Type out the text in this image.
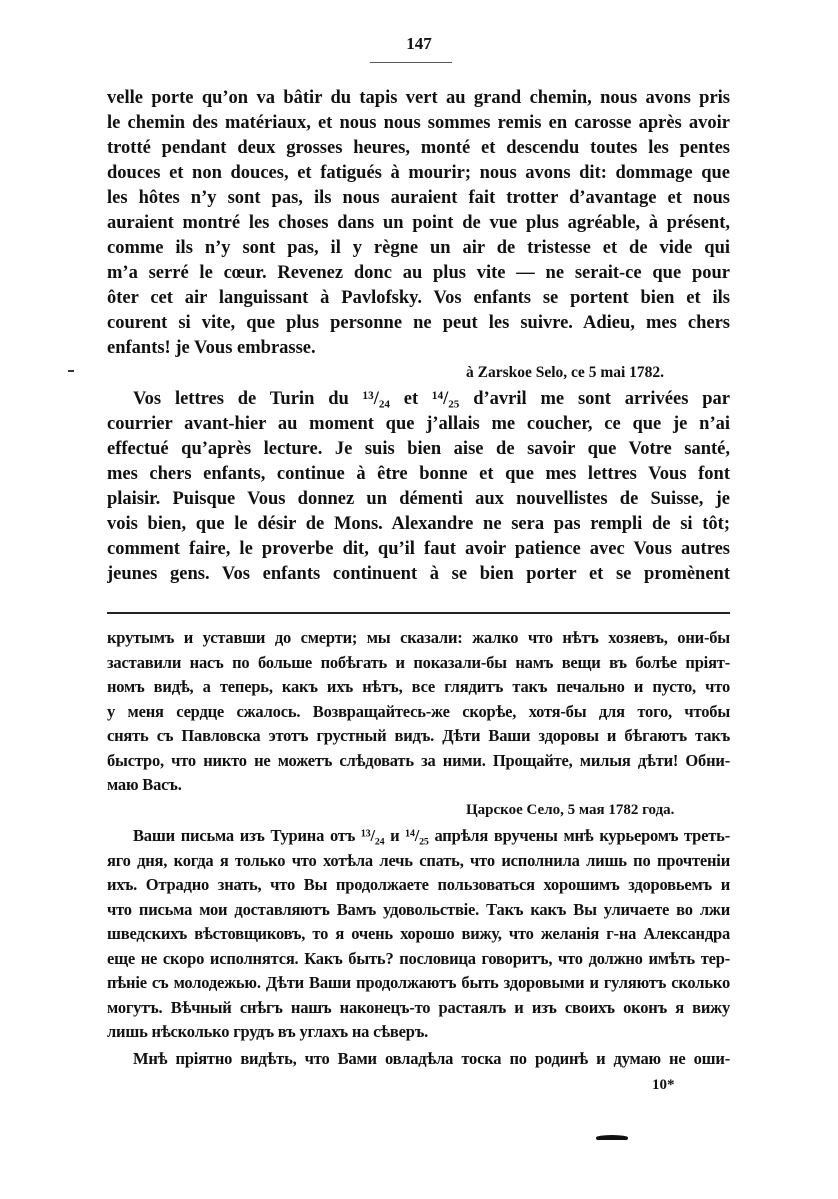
147
velle porte qu’on va bâtir du tapis vert au grand chemin, nous avons pris
le chemin des matériaux, et nous nous sommes remis en carosse après avoir
trotté pendant deux grosses heures, monté et descendu toutes les pentes
douces et non douces, et fatigués à mourir; nous avons dit: dommage que
les hôtes n’y sont pas, ils nous auraient fait trotter d’avantage et nous
auraient montré les choses dans un point de vue plus agréable, à présent,
comme ils n’y sont pas, il y règne un air de tristesse et de vide qui
m’a serré le cœur. Revenez donc au plus vite — ne serait-ce que pour
ôter cet air languissant à Pavlofsky. Vos enfants se portent bien et ils
courent si vite, que plus personne ne peut les suivre. Adieu, mes chers
enfants! je Vous embrasse.
à Zarskoe Selo, ce 5 mai 1782.
Vos lettres de Turin du ¹³/₂₄ et ¹⁴/₂₅ d’avril me sont arrivées par
courrier avant-hier au moment que j’allais me coucher, ce que je n’ai
effectué qu’après lecture. Je suis bien aise de savoir que Votre santé,
mes chers enfants, continue à être bonne et que mes lettres Vous font
plaisir. Puisque Vous donnez un démenti aux nouvellistes de Suisse, je
vois bien, que le désir de Mons. Alexandre ne sera pas rempli de si tôt;
comment faire, le proverbe dit, qu’il faut avoir patience avec Vous autres
jeunes gens. Vos enfants continuent à se bien porter et se promènent
крутымъ и уставши до смерти; мы сказали: жалко что нѣтъ хозяевъ, они-бы
заставили насъ по больше побѣгать и показали-бы намъ вещи въ болѣе пріят-
номъ видѣ, а теперь, какъ ихъ нѣтъ, все глядитъ такъ печально и пусто, что
у меня сердце сжалось. Возвращайтесь-же скорѣе, хотя-бы для того, чтобы
снять съ Павловска этотъ грустный видъ. Дѣти Ваши здоровы и бѣгаютъ такъ
быстро, что никто не можетъ слѣдовать за ними. Прощайте, милыя дѣти! Обни-
маю Васъ.
Царское Село, 5 мая 1782 года.
Ваши письма изъ Турина отъ ¹³/₂₄ и ¹⁴/₂₅ апрѣля вручены мнѣ курьеромъ треть-
яго дня, когда я только что хотѣла лечь спать, что исполнила лишь по прочтеніи
ихъ. Отрадно знать, что Вы продолжаете пользоваться хорошимъ здоровьемъ и
что письма мои доставляютъ Вамъ удовольствіе. Такъ какъ Вы уличаете во лжи
шведскихъ вѣстовщиковъ, то я очень хорошо вижу, что желанія г-на Александра
еще не скоро исполнятся. Какъ быть? пословица говоритъ, что должно имѣть тер-
пѣніе съ молодежью. Дѣти Ваши продолжаютъ быть здоровыми и гуляютъ сколько
могутъ. Вѣчный снѣгъ нашъ наконецъ-то растаялъ и изъ своихъ оконъ я вижу
лишь нѣсколько грудъ въ углахъ на сѣверъ.
Мнѣ пріятно видѣть, что Вами овладѣла тоска по родинѣ и думаю не оши-
10*
